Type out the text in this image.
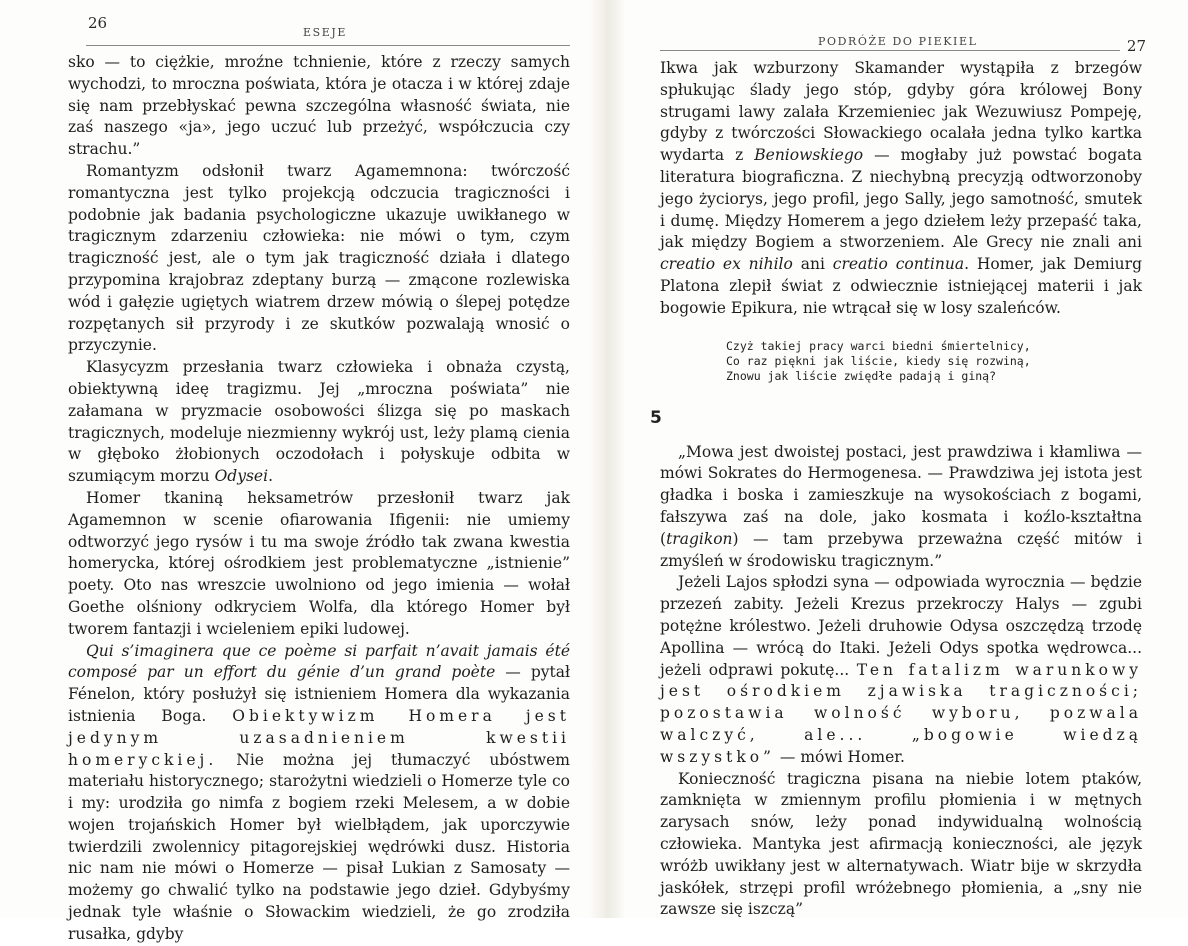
26
ESEJE

sko — to ciężkie, mroźne tchnienie, które z rzeczy samych wychodzi, to mroczna poświata, która je otacza i w której zdaje się nam przebłyskać pewna szczególna własność świata, nie zaś naszego «ja», jego uczuć lub przeżyć, współczucia czy strachu.”

Romantyzm odsłonił twarz Agamemnona: twórczość romantyczna jest tylko projekcją odczucia tragiczności i podobnie jak badania psychologiczne ukazuje uwikłanego w tragicznym zdarzeniu człowieka: nie mówi o tym, czym tragiczność jest, ale o tym jak tragiczność działa i dlatego przypomina krajobraz zdeptany burzą — zmącone rozlewiska wód i gałęzie ugiętych wiatrem drzew mówią o ślepej potędze rozpętanych sił przyrody i ze skutków pozwalają wnosić o przyczynie.

Klasycyzm przesłania twarz człowieka i obnaża czystą, obiektywną ideę tragizmu. Jej „mroczna poświata” nie załamana w pryzmacie osobowości ślizga się po maskach tragicznych, modeluje niezmienny wykrój ust, leży plamą cienia w głęboko żłobionych oczodołach i połyskuje odbita w szumiącym morzu Odysei.

Homer tkaniną heksametrów przesłonił twarz jak Agamemnon w scenie ofiarowania Ifigenii: nie umiemy odtworzyć jego rysów i tu ma swoje źródło tak zwana kwestia homerycka, której ośrodkiem jest problematyczne „istnienie” poety. Oto nas wreszcie uwolniono od jego imienia — wołał Goethe olśniony odkryciem Wolfa, dla którego Homer był tworem fantazji i wcieleniem epiki ludowej.

Qui s’imaginera que ce poème si parfait n’avait jamais été composé par un effort du génie d’un grand poète — pytał Fénelon, który posłużył się istnieniem Homera dla wykazania istnienia Boga. Obiektywizm Homera jest jedynym uzasadnieniem kwestii homeryckiej. Nie można jej tłumaczyć ubóstwem materiału historycznego; starożytni wiedzieli o Homerze tyle co i my: urodziła go nimfa z bogiem rzeki Melesem, a w dobie wojen trojańskich Homer był wielbłądem, jak uporczywie twierdzili zwolennicy pitagorejskiej wędrówki dusz. Historia nic nam nie mówi o Homerze — pisał Lukian z Samosaty — możemy go chwalić tylko na podstawie jego dzieł. Gdybyśmy jednak tyle właśnie o Słowackim wiedzieli, że go zrodziła rusałka, gdyby

PODRÓŻE DO PIEKIEL	27

Ikwa jak wzburzony Skamander wystąpiła z brzegów spłukując ślady jego stóp, gdyby góra królowej Bony strugami lawy zalała Krzemieniec jak Wezuwiusz Pompeję, gdyby z twórczości Słowackiego ocalała jedna tylko kartka wydarta z Beniowskiego — mogłaby już powstać bogata literatura biograficzna. Z niechybną precyzją odtworzonoby jego życiorys, jego profil, jego Sally, jego samotność, smutek i dumę. Między Homerem a jego dziełem leży przepaść taka, jak między Bogiem a stworzeniem. Ale Grecy nie znali ani creatio ex nihilo ani creatio continua. Homer, jak Demiurg Platona zlepił świat z odwiecznie istniejącej materii i jak bogowie Epikura, nie wtrącał się w losy szaleńców.

Czyż takiej pracy warci biedni śmiertelnicy,

Co raz piękni jak liście, kiedy się rozwiną,

Znowu jak liście zwiędłe padają i giną?

5

„Mowa jest dwoistej postaci, jest prawdziwa i kłamliwa — mówi Sokrates do Hermogenesa. — Prawdziwa jej istota jest gładka i boska i zamieszkuje na wysokościach z bogami, fałszywa zaś na dole, jako kosmata i koźlo-kształtna (tragikon) — tam przebywa przeważna część mitów i zmyśleń w środowisku tragicznym.”

Jeżeli Lajos spłodzi syna — odpowiada wyrocznia — będzie przezeń zabity. Jeżeli Krezus przekroczy Halys — zgubi potężne królestwo. Jeżeli druhowie Odysa oszczędzą trzodę Apollina — wrócą do Itaki. Jeżeli Odys spotka wędrowca... jeżeli odprawi pokutę... Ten fatalizm warunkowy jest ośrodkiem zjawiska tragiczności; pozostawia wolność wyboru, pozwala walczyć, ale... „bogowie wiedzą wszystko” — mówi Homer.

Konieczność tragiczna pisana na niebie lotem ptaków, zamknięta w zmiennym profilu płomienia i w mętnych zarysach snów, leży ponad indywidualną wolnością człowieka. Mantyka jest afirmacją konieczności, ale język wróżb uwikłany jest w alternatywach. Wiatr bije w skrzydła jaskółek, strzępi profil wróżebnego płomienia, a „sny nie zawsze się iszczą”
